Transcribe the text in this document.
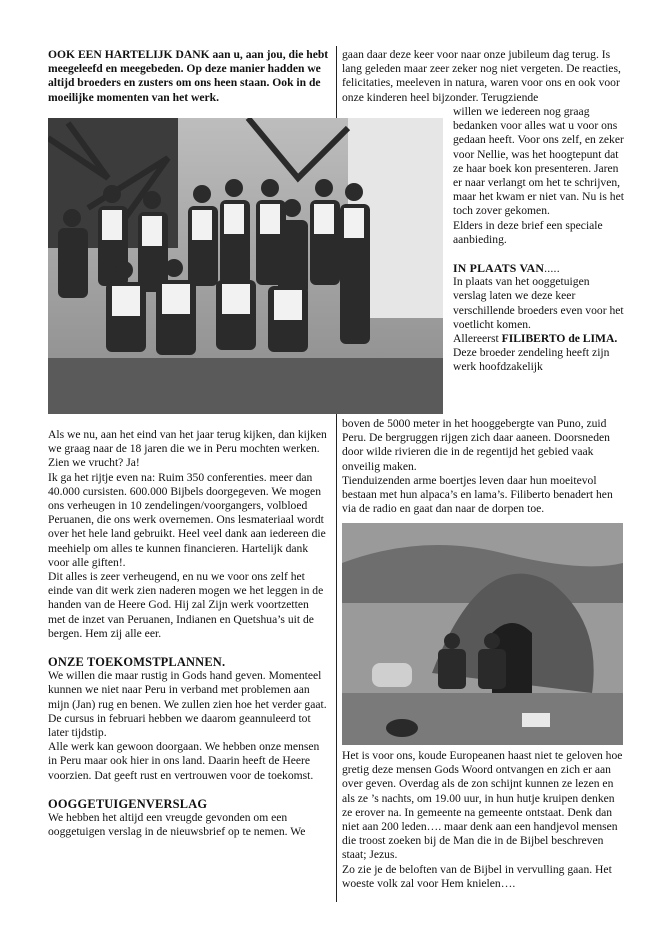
OOK EEN HARTELIJK DANK aan u, aan jou, die hebt meegeleefd en meegebeden. Op deze manier hadden we altijd broeders en zusters om ons heen staan. Ook in de moeilijke momenten van het werk.

Als we nu, aan het eind van het jaar terug kijken, dan kijken we graag naar de 18 jaren die we in Peru mochten werken. Zien we vrucht? Ja!

Ik ga het rijtje even na: Ruim 350 conferenties. meer dan 40.000 cursisten. 600.000 Bijbels doorgegeven. We mogen ons verheugen in 10 zendelingen/voorgangers, volbloed Peruanen, die ons werk overnemen. Ons lesmateriaal wordt over het hele land gebruikt. Heel veel dank aan iedereen die meehielp om alles te kunnen financieren. Hartelijk dank voor alle giften!.

Dit alles is zeer verheugend, en nu we voor ons zelf het einde van dit werk zien naderen mogen we het leggen in de handen van de Heere God. Hij zal Zijn werk voortzetten met de inzet van Peruanen, Indianen en Quetshua’s uit de bergen. Hem zij alle eer.

ONZE TOEKOMSTPLANNEN.

We willen die maar rustig in Gods hand geven. Momenteel kunnen we niet naar Peru in verband met problemen aan mijn (Jan) rug en benen. We zullen zien hoe het verder gaat. De cursus in februari hebben we daarom geannuleerd tot later tijdstip.

Alle werk kan gewoon doorgaan. We hebben onze mensen in Peru maar ook hier in ons land. Daarin heeft de Heere voorzien. Dat geeft rust en vertrouwen voor de toekomst.

OOGGETUIGENVERSLAG

We hebben het altijd een vreugde gevonden om een ooggetuigen verslag in de nieuwsbrief op te nemen. We

gaan daar deze keer voor naar onze jubileum dag terug. Is lang geleden maar zeer zeker nog niet vergeten. De reacties, felicitaties, meeleven in natura, waren voor ons en ook voor onze kinderen heel bijzonder. Terugziende

willen we iedereen nog graag bedanken voor alles wat u voor ons gedaan heeft. Voor ons zelf, en zeker voor Nellie, was het hoogtepunt dat ze haar boek kon presenteren. Jaren er naar verlangt om het te schrijven, maar het kwam er niet van. Nu is het toch zover gekomen.

Elders in deze brief een speciale aanbieding.

IN PLAATS VAN.....

In plaats van het ooggetuigen verslag laten we deze keer verschillende broeders even voor het voetlicht komen.

Allereerst FILIBERTO de LIMA. Deze broeder zendeling heeft zijn werk hoofdzakelijk

boven de 5000 meter in het hooggebergte van Puno, zuid Peru. De bergruggen rijgen zich daar aaneen. Doorsneden door wilde rivieren die in de regentijd het gebied vaak onveilig maken.

Tienduizenden arme boertjes leven daar hun moeitevol bestaan met hun alpaca’s en lama’s. Filiberto benadert hen via de radio en gaat dan naar de dorpen toe.

Het is voor ons, koude Europeanen haast niet te geloven hoe gretig deze mensen Gods Woord ontvangen en zich er aan over geven. Overdag als de zon schijnt kunnen ze lezen en als ze ’s nachts, om 19.00 uur, in hun hutje kruipen denken ze erover na. In gemeente na gemeente ontstaat. Denk dan niet aan 200 leden…. maar denk aan een handjevol mensen die troost zoeken bij de Man die in de Bijbel beschreven staat; Jezus.

Zo zie je de beloften van de Bijbel in vervulling gaan. Het woeste volk zal voor Hem knielen….
